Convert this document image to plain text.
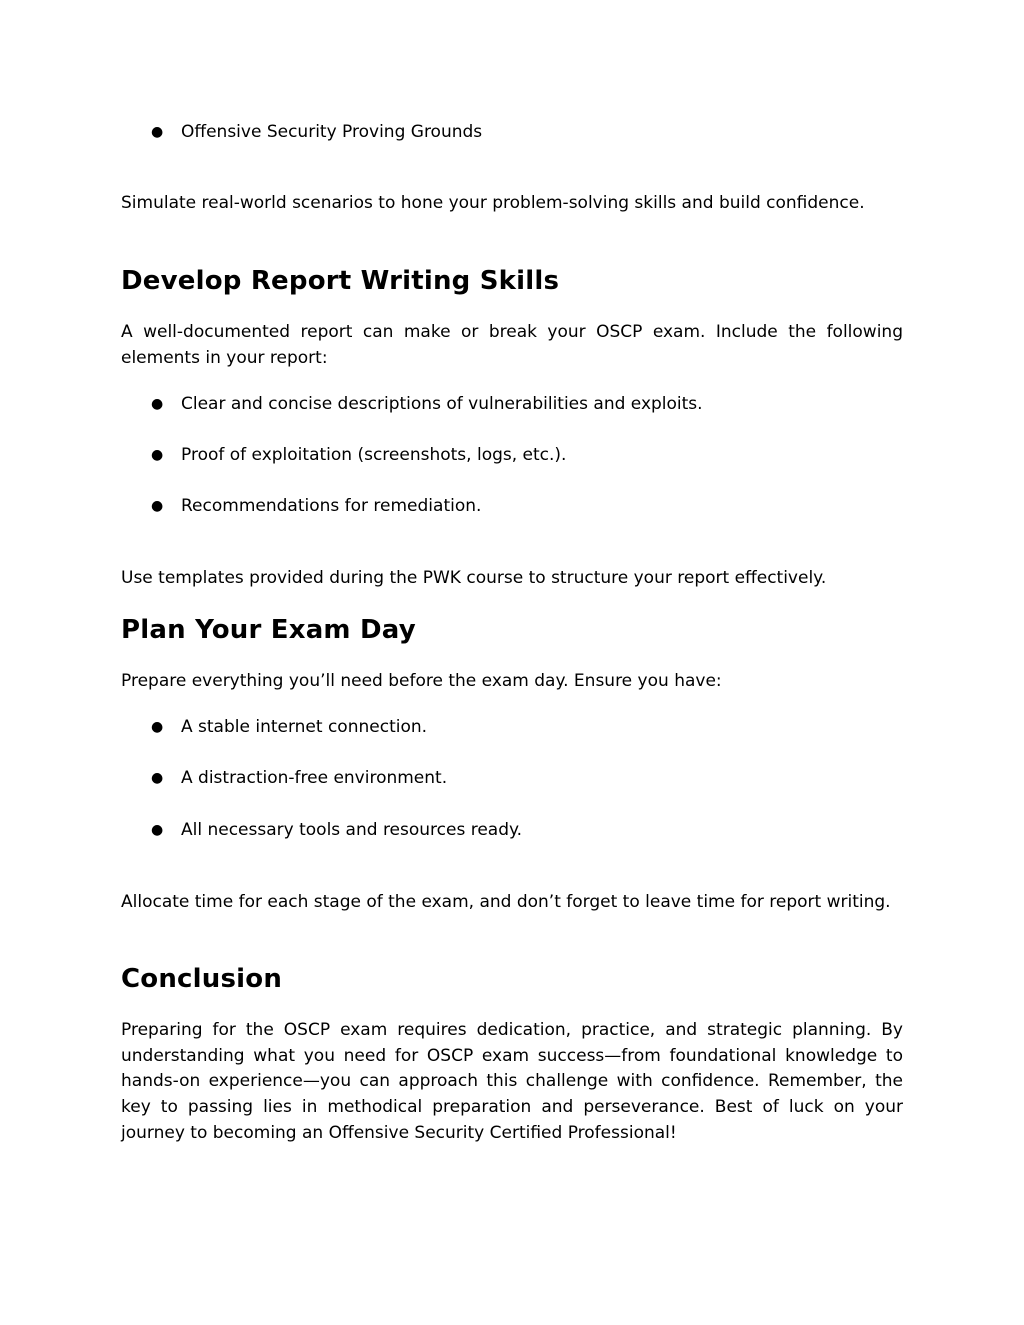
● Offensive Security Proving Grounds

Simulate real-world scenarios to hone your problem-solving skills and build confidence.

Develop Report Writing Skills

A well-documented report can make or break your OSCP exam. Include the following elements in your report:

● Clear and concise descriptions of vulnerabilities and exploits.
● Proof of exploitation (screenshots, logs, etc.).
● Recommendations for remediation.

Use templates provided during the PWK course to structure your report effectively.

Plan Your Exam Day

Prepare everything you’ll need before the exam day. Ensure you have:

● A stable internet connection.
● A distraction-free environment.
● All necessary tools and resources ready.

Allocate time for each stage of the exam, and don’t forget to leave time for report writing.

Conclusion

Preparing for the OSCP exam requires dedication, practice, and strategic planning. By understanding what you need for OSCP exam success—from foundational knowledge to hands-on experience—you can approach this challenge with confidence. Remember, the key to passing lies in methodical preparation and perseverance. Best of luck on your journey to becoming an Offensive Security Certified Professional!
